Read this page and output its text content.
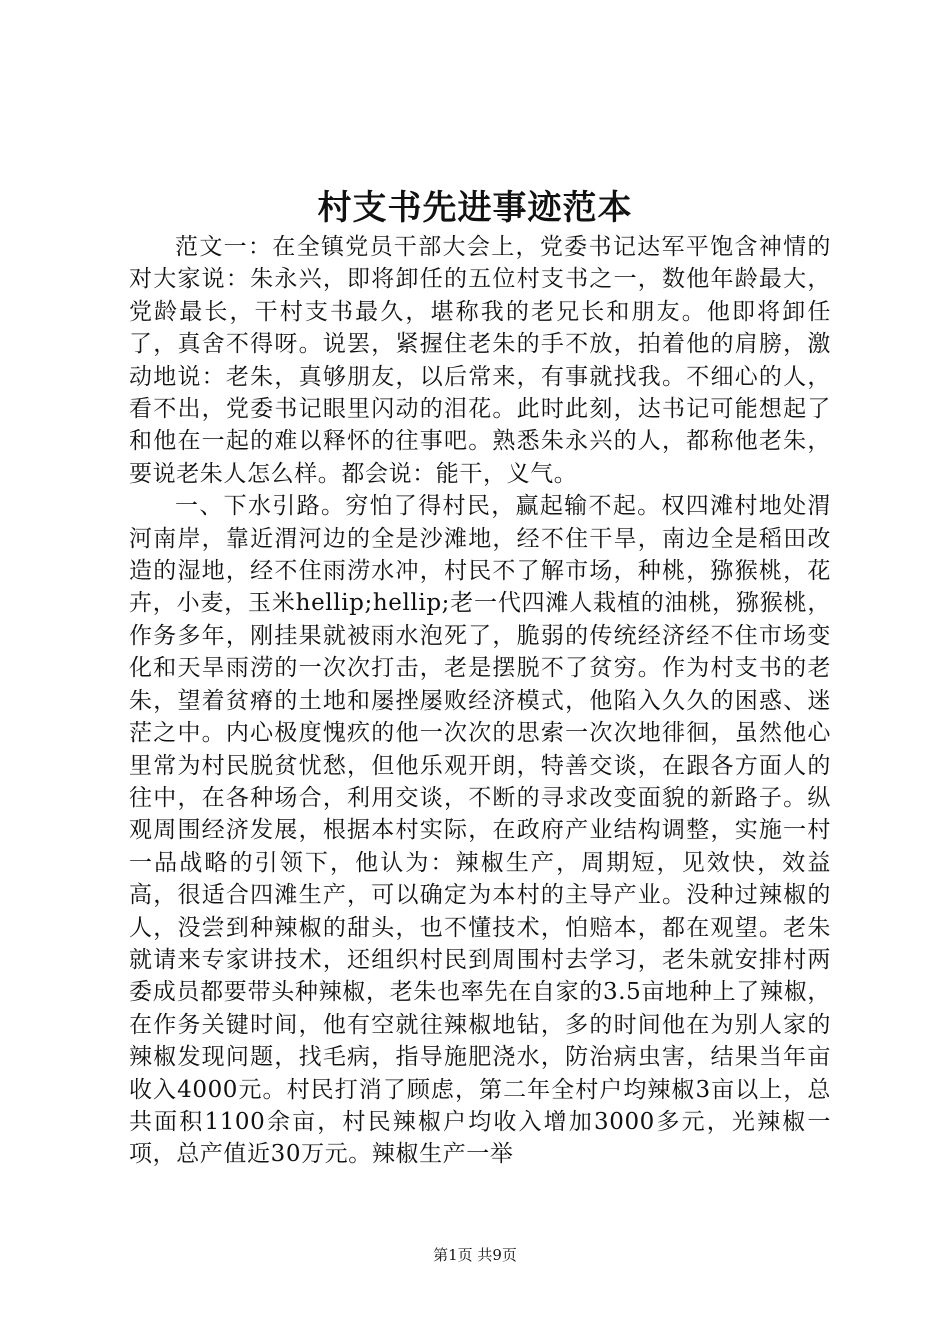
村支书先进事迹范本

范文一：在全镇党员干部大会上，党委书记达军平饱含神情的对大家说：朱永兴，即将卸任的五位村支书之一，数他年龄最大，党龄最长，干村支书最久，堪称我的老兄长和朋友。他即将卸任了，真舍不得呀。说罢，紧握住老朱的手不放，拍着他的肩膀，激动地说：老朱，真够朋友，以后常来，有事就找我。不细心的人，看不出，党委书记眼里闪动的泪花。此时此刻，达书记可能想起了和他在一起的难以释怀的往事吧。熟悉朱永兴的人，都称他老朱，要说老朱人怎么样。都会说：能干，义气。

一、下水引路。穷怕了得村民，赢起输不起。权四滩村地处渭河南岸，靠近渭河边的全是沙滩地，经不住干旱，南边全是稻田改造的湿地，经不住雨涝水冲，村民不了解市场，种桃，猕猴桃，花卉，小麦，玉米hellip;hellip;老一代四滩人栽植的油桃，猕猴桃，作务多年，刚挂果就被雨水泡死了，脆弱的传统经济经不住市场变化和天旱雨涝的一次次打击，老是摆脱不了贫穷。作为村支书的老朱，望着贫瘠的土地和屡挫屡败经济模式，他陷入久久的困惑、迷茫之中。内心极度愧疚的他一次次的思索一次次地徘徊，虽然他心里常为村民脱贫忧愁，但他乐观开朗，特善交谈，在跟各方面人的往中，在各种场合，利用交谈，不断的寻求改变面貌的新路子。纵观周围经济发展，根据本村实际，在政府产业结构调整，实施一村一品战略的引领下，他认为：辣椒生产，周期短，见效快，效益高，很适合四滩生产，可以确定为本村的主导产业。没种过辣椒的人，没尝到种辣椒的甜头，也不懂技术，怕赔本，都在观望。老朱就请来专家讲技术，还组织村民到周围村去学习，老朱就安排村两委成员都要带头种辣椒，老朱也率先在自家的3.5亩地种上了辣椒，在作务关键时间，他有空就往辣椒地钻，多的时间他在为别人家的辣椒发现问题，找毛病，指导施肥浇水，防治病虫害，结果当年亩收入4000元。村民打消了顾虑，第二年全村户均辣椒3亩以上，总共面积1100余亩，村民辣椒户均收入增加3000多元，光辣椒一项，总产值近30万元。辣椒生产一举

第1页 共9页
